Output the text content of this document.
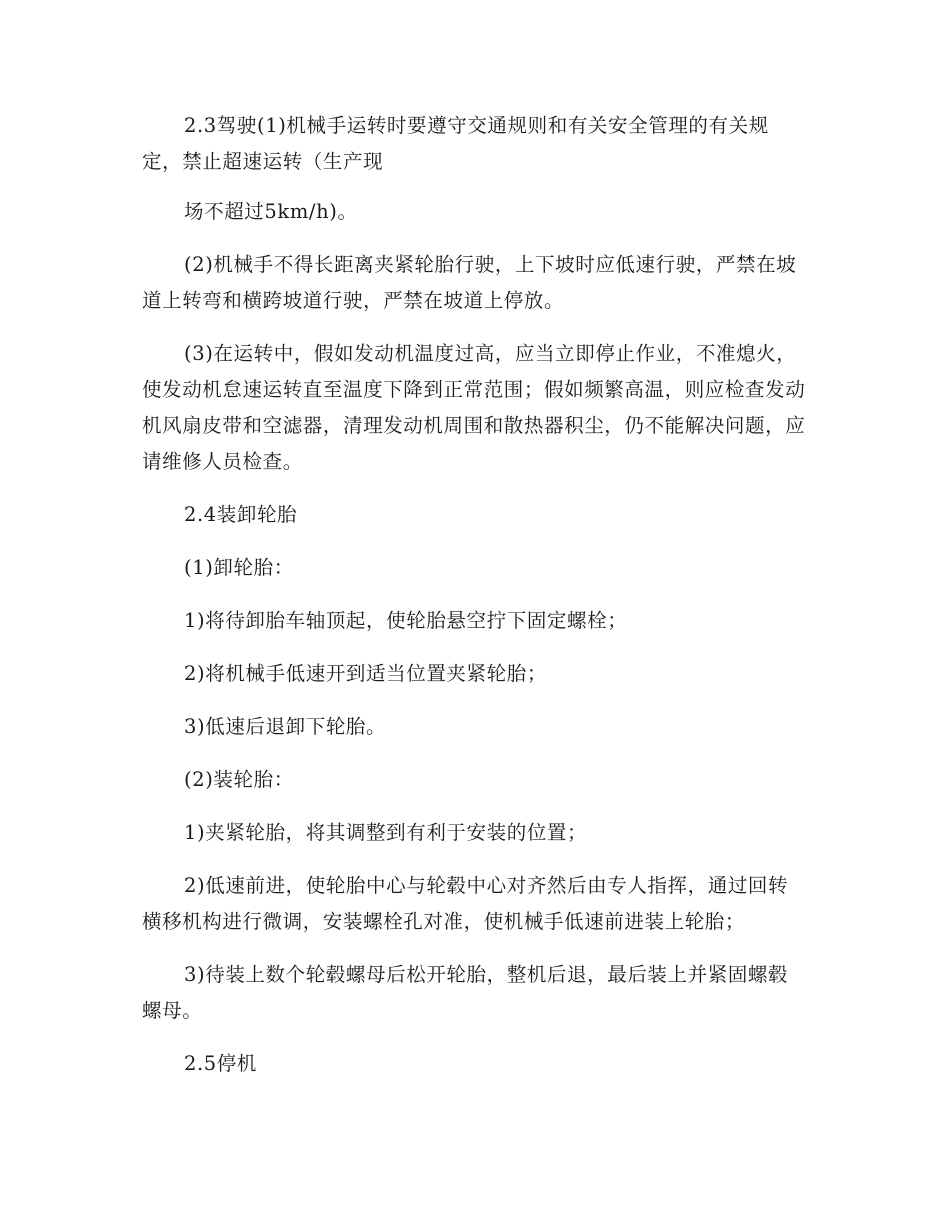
2.3驾驶(1)机械手运转时要遵守交通规则和有关安全管理的有关规定，禁止超速运转（生产现

场不超过5km/h)。

(2)机械手不得长距离夹紧轮胎行驶，上下坡时应低速行驶，严禁在坡道上转弯和横跨坡道行驶，严禁在坡道上停放。

(3)在运转中，假如发动机温度过高，应当立即停止作业，不准熄火，使发动机怠速运转直至温度下降到正常范围；假如频繁高温，则应检查发动机风扇皮带和空滤器，清理发动机周围和散热器积尘，仍不能解决问题，应请维修人员检查。

2.4装卸轮胎

(1)卸轮胎：

1)将待卸胎车轴顶起，使轮胎悬空拧下固定螺栓；

2)将机械手低速开到适当位置夹紧轮胎；

3)低速后退卸下轮胎。

(2)装轮胎：

1)夹紧轮胎，将其调整到有利于安装的位置；

2)低速前进，使轮胎中心与轮毂中心对齐然后由专人指挥，通过回转横移机构进行微调，安装螺栓孔对准，使机械手低速前进装上轮胎；

3)待装上数个轮毂螺母后松开轮胎，整机后退，最后装上并紧固螺毂螺母。

2.5停机
